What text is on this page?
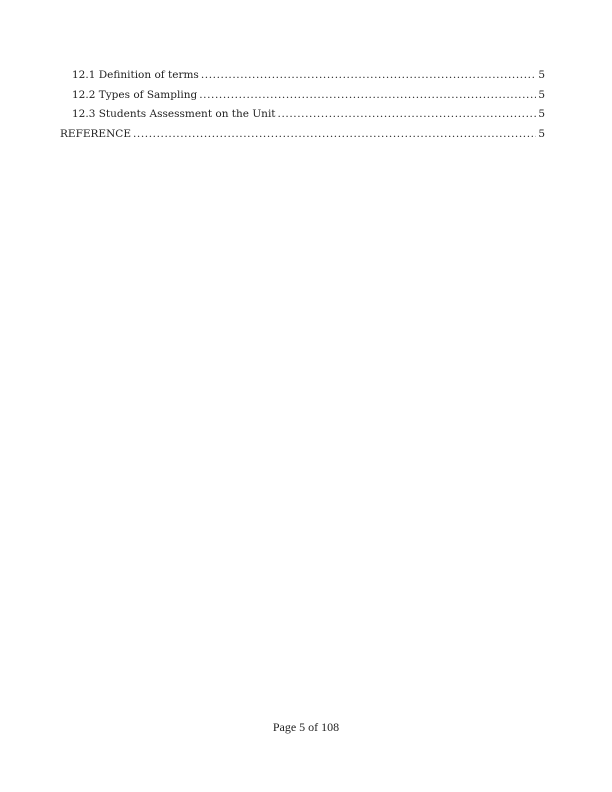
12.1 Definition of terms .....	5
12.2 Types of Sampling .....	5
12.3 Students Assessment on the Unit .....	5
REFERENCE .....	5
Page 5 of 108
